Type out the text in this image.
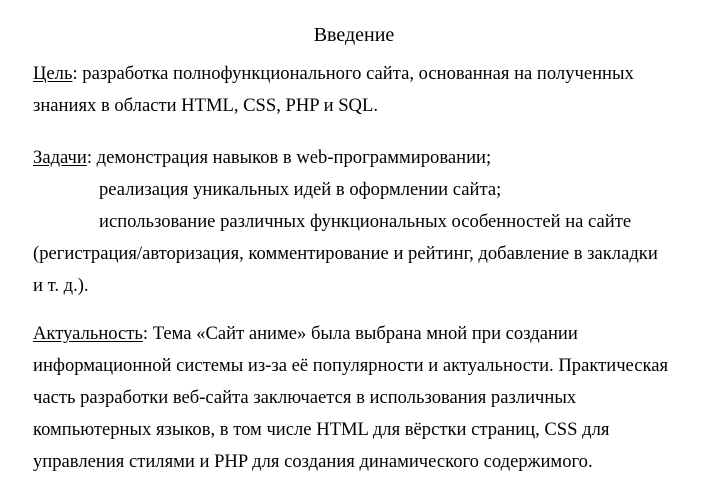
Введение
Цель: разработка полнофункционального сайта, основанная на полученных
знаниях в области HTML, CSS, PHP и SQL.
Задачи: демонстрация навыков в web-программировании;
реализация уникальных идей в оформлении сайта;
использование различных функциональных особенностей на сайте
(регистрация/авторизация, комментирование и рейтинг, добавление в закладки
и т. д.).
Актуальность: Тема «Сайт аниме» была выбрана мной при создании
информационной системы из-за её популярности и актуальности. Практическая
часть разработки веб-сайта заключается в использования различных
компьютерных языков, в том числе HTML для вёрстки страниц, CSS для
управления стилями и PHP для создания динамического содержимого.
